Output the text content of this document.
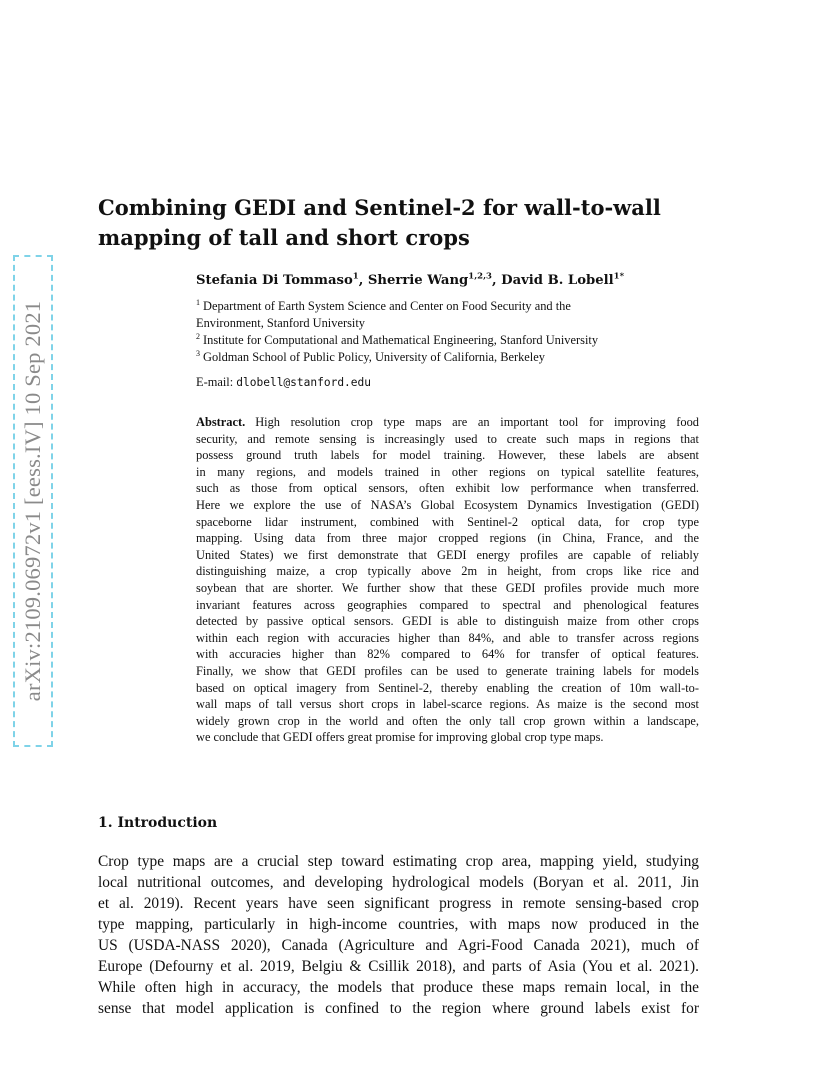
arXiv:2109.06972v1 [eess.IV] 10 Sep 2021
Combining GEDI and Sentinel-2 for wall-to-wall
mapping of tall and short crops
Stefania Di Tommaso$^1$, Sherrie Wang$^{1,2,3}$, David B. Lobell$^{1*}$
$^1$ Department of Earth System Science and Center on Food Security and the
Environment, Stanford University
$^2$ Institute for Computational and Mathematical Engineering, Stanford University
$^3$ Goldman School of Public Policy, University of California, Berkeley
E-mail: dlobell@stanford.edu
Abstract. High resolution crop type maps are an important tool for improving food
security, and remote sensing is increasingly used to create such maps in regions that
possess ground truth labels for model training. However, these labels are absent
in many regions, and models trained in other regions on typical satellite features,
such as those from optical sensors, often exhibit low performance when transferred.
Here we explore the use of NASA’s Global Ecosystem Dynamics Investigation (GEDI)
spaceborne lidar instrument, combined with Sentinel-2 optical data, for crop type
mapping. Using data from three major cropped regions (in China, France, and the
United States) we first demonstrate that GEDI energy profiles are capable of reliably
distinguishing maize, a crop typically above 2m in height, from crops like rice and
soybean that are shorter. We further show that these GEDI profiles provide much more
invariant features across geographies compared to spectral and phenological features
detected by passive optical sensors. GEDI is able to distinguish maize from other crops
within each region with accuracies higher than 84%, and able to transfer across regions
with accuracies higher than 82% compared to 64% for transfer of optical features.
Finally, we show that GEDI profiles can be used to generate training labels for models
based on optical imagery from Sentinel-2, thereby enabling the creation of 10m wall-to-
wall maps of tall versus short crops in label-scarce regions. As maize is the second most
widely grown crop in the world and often the only tall crop grown within a landscape,
we conclude that GEDI offers great promise for improving global crop type maps.
1. Introduction
Crop type maps are a crucial step toward estimating crop area, mapping yield, studying
local nutritional outcomes, and developing hydrological models (Boryan et al. 2011, Jin
et al. 2019). Recent years have seen significant progress in remote sensing-based crop
type mapping, particularly in high-income countries, with maps now produced in the
US (USDA-NASS 2020), Canada (Agriculture and Agri-Food Canada 2021), much of
Europe (Defourny et al. 2019, Belgiu & Csillik 2018), and parts of Asia (You et al. 2021).
While often high in accuracy, the models that produce these maps remain local, in the
sense that model application is confined to the region where ground labels exist for
